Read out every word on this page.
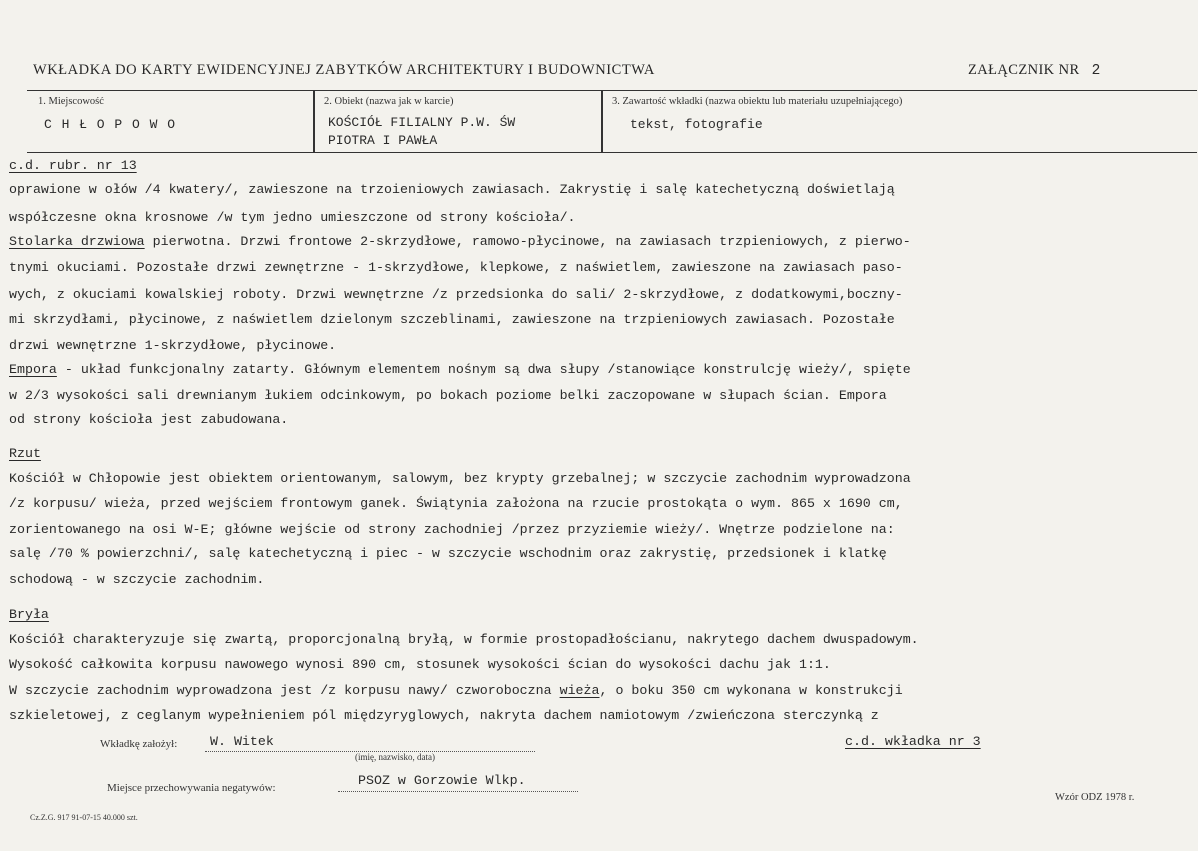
WKŁADKA DO KARTY EWIDENCYJNEJ ZABYTKÓW ARCHITEKTURY I BUDOWNICTWA	ZAŁĄCZNIK NR 2
1. Miejscowość
C H Ł O P O W O
2. Obiekt (nazwa jak w karcie)
KOŚCIÓŁ FILIALNY P.W. ŚW
PIOTRA I PAWŁA
3. Zawartość wkładki (nazwa obiektu lub materiału uzupełniającego)
tekst, fotografie
c.d. rubr. nr 13
oprawione w ołów /4 kwatery/, zawieszone na trzoieniowych zawiasach. Zakrystię i salę katechetyczną doświetlają
współczesne okna krosnowe /w tym jedno umieszczone od strony kościoła/.
Stolarka drzwiowa pierwotna. Drzwi frontowe 2-skrzydłowe, ramowo-płycinowe, na zawiasach trzpieniowych, z pierwo-
tnymi okuciami. Pozostałe drzwi zewnętrzne - 1-skrzydłowe, klepkowe, z naświetlem, zawieszone na zawiasach paso-
wych, z okuciami kowalskiej roboty. Drzwi wewnętrzne /z przedsionka do sali/ 2-skrzydłowe, z dodatkowymi,boczny-
mi skrzydłami, płycinowe, z naświetlem dzielonym szczeblinami, zawieszone na trzpieniowych zawiasach. Pozostałe
drzwi wewnętrzne 1-skrzydłowe, płycinowe.
Empora - układ funkcjonalny zatarty. Głównym elementem nośnym są dwa słupy /stanowiące konstrulcję wieży/, spięte
w 2/3 wysokości sali drewnianym łukiem odcinkowym, po bokach poziome belki zaczopowane w słupach ścian. Empora
od strony kościoła jest zabudowana.
Rzut
Kościół w Chłopowie jest obiektem orientowanym, salowym, bez krypty grzebalnej; w szczycie zachodnim wyprowadzona
/z korpusu/ wieża, przed wejściem frontowym ganek. Świątynia założona na rzucie prostokąta o wym. 865 x 1690 cm,
zorientowanego na osi W-E; główne wejście od strony zachodniej /przez przyziemie wieży/. Wnętrze podzielone na:
salę /70 % powierzchni/, salę katechetyczną i piec - w szczycie wschodnim oraz zakrystię, przedsionek i klatkę
schodową - w szczycie zachodnim.
Bryła
Kościół charakteryzuje się zwartą, proporcjonalną bryłą, w formie prostopadłościanu, nakrytego dachem dwuspadowym.
Wysokość całkowita korpusu nawowego wynosi 890 cm, stosunek wysokości ścian do wysokości dachu jak 1:1.
W szczycie zachodnim wyprowadzona jest /z korpusu nawy/ czworoboczna wieża, o boku 350 cm wykonana w konstrukcji
szkieletowej, z ceglanym wypełnieniem pól międzyryglowych, nakryta dachem namiotowym /zwieńczona sterczynką z
Wkładkę założył: W. Witek
(imię, nazwisko, data)
c.d. wkładka nr 3
Miejsce przechowywania negatywów:	PSOZ w Gorzowie Wlkp.
Wzór ODZ 1978 r.
Cz.Z.G. 917 91-07-15 40.000 szt.
